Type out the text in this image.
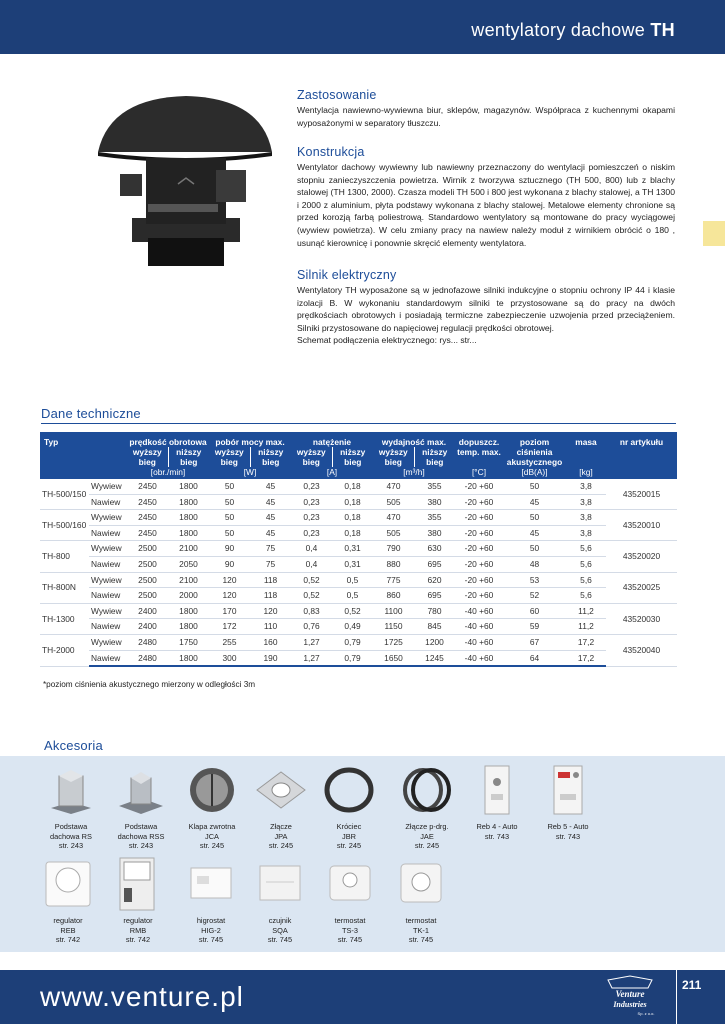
wentylatory dachowe TH
Zastosowanie
Wentylacja nawiewno-wywiewna biur, sklepów, magazynów. Współpraca z kuchennymi okapami wyposażonymi w separatory tłuszczu.
Konstrukcja
Wentylator dachowy wywiewny lub nawiewny przeznaczony do wentylacji pomieszczeń o niskim stopniu zanieczyszczenia powietrza. Wirnik z tworzywa sztucznego (TH 500, 800) lub z blachy stalowej (TH 1300, 2000). Czasza modeli TH 500 i 800 jest wykonana z blachy stalowej, a TH 1300 i 2000 z aluminium, płyta podstawy wykonana z blachy stalowej. Metalowe elementy chronione są przed korozją farbą poliestrową. Standardowo wentylatory są montowane do pracy wyciągowej (wywiew powietrza). W celu zmiany pracy na nawiew należy moduł z wirnikiem obrócić o 180 , usunąć kierownicę i ponownie skręcić elementy wentylatora.
Silnik elektryczny
Wentylatory TH wyposażone są w jednofazowe silniki indukcyjne o stopniu ochrony IP 44 i klasie izolacji B. W wykonaniu standardowym silniki te przystosowane są do pracy na dwóch prędkościach obrotowych i posiadają termiczne zabezpieczenie uzwojenia przed przeciążeniem. Silniki przystosowane do napięciowej regulacji prędkości obrotowej.
Schemat podłączenia elektrycznego: rys... str...
Dane techniczne
Typ		prędkość obrotowa		pobór mocy max.		natężenie		wydajność max.		dopuszcz. temp. max.	poziom ciśnienia akustycznego	masa	nr artykułu
		wyższy bieg	niższy bieg	wyższy bieg	niższy bieg	wyższy bieg	niższy bieg	wyższy bieg	niższy bieg				
		[obr./min]		[W]		[A]		[m³/h]		[°C]	[dB(A)]	[kg]	
TH-500/150	Wywiew	2450	1800	50	45	0,23	0,18	470	355	-20 +60	50	3,8	43520015
	Nawiew	2450	1800	50	45	0,23	0,18	505	380	-20 +60	45	3,8	
TH-500/160	Wywiew	2450	1800	50	45	0,23	0,18	470	355	-20 +60	50	3,8	43520010
	Nawiew	2450	1800	50	45	0,23	0,18	505	380	-20 +60	45	3,8	
TH-800	Wywiew	2500	2100	90	75	0,4	0,31	790	630	-20 +60	50	5,6	43520020
	Nawiew	2500	2050	90	75	0,4	0,31	880	695	-20 +60	48	5,6	
TH-800N	Wywiew	2500	2100	120	118	0,52	0,5	775	620	-20 +60	53	5,6	43520025
	Nawiew	2500	2000	120	118	0,52	0,5	860	695	-20 +60	52	5,6	
TH-1300	Wywiew	2400	1800	170	120	0,83	0,52	1100	780	-40 +60	60	11,2	43520030
	Nawiew	2400	1800	172	110	0,76	0,49	1150	845	-40 +60	59	11,2	
TH-2000	Wywiew	2480	1750	255	160	1,27	0,79	1725	1200	-40 +60	67	17,2	43520040
	Nawiew	2480	1800	300	190	1,27	0,79	1650	1245	-40 +60	64	17,2	
*poziom ciśnienia akustycznego mierzony w odległości 3m
Akcesoria
Podstawa
dachowa RS
str. 243
Podstawa
dachowa RSS
str. 243
Klapa zwrotna
JCA
str. 245
Złącze
JPA
str. 245
Króciec
JBR
str. 245
Złącze p-drg.
JAE
str. 245
Reb 4 - Auto
str. 743
Reb 5 - Auto
str. 743
regulator
REB
str. 742
regulator
RMB
str. 742
higrostat
HIG-2
str. 745
czujnik
SQA
str. 745
termostat
TS-3
str. 745
termostat
TK-1
str. 745
www.venture.pl	Venture
Industries
Sp. z o.o.
211
